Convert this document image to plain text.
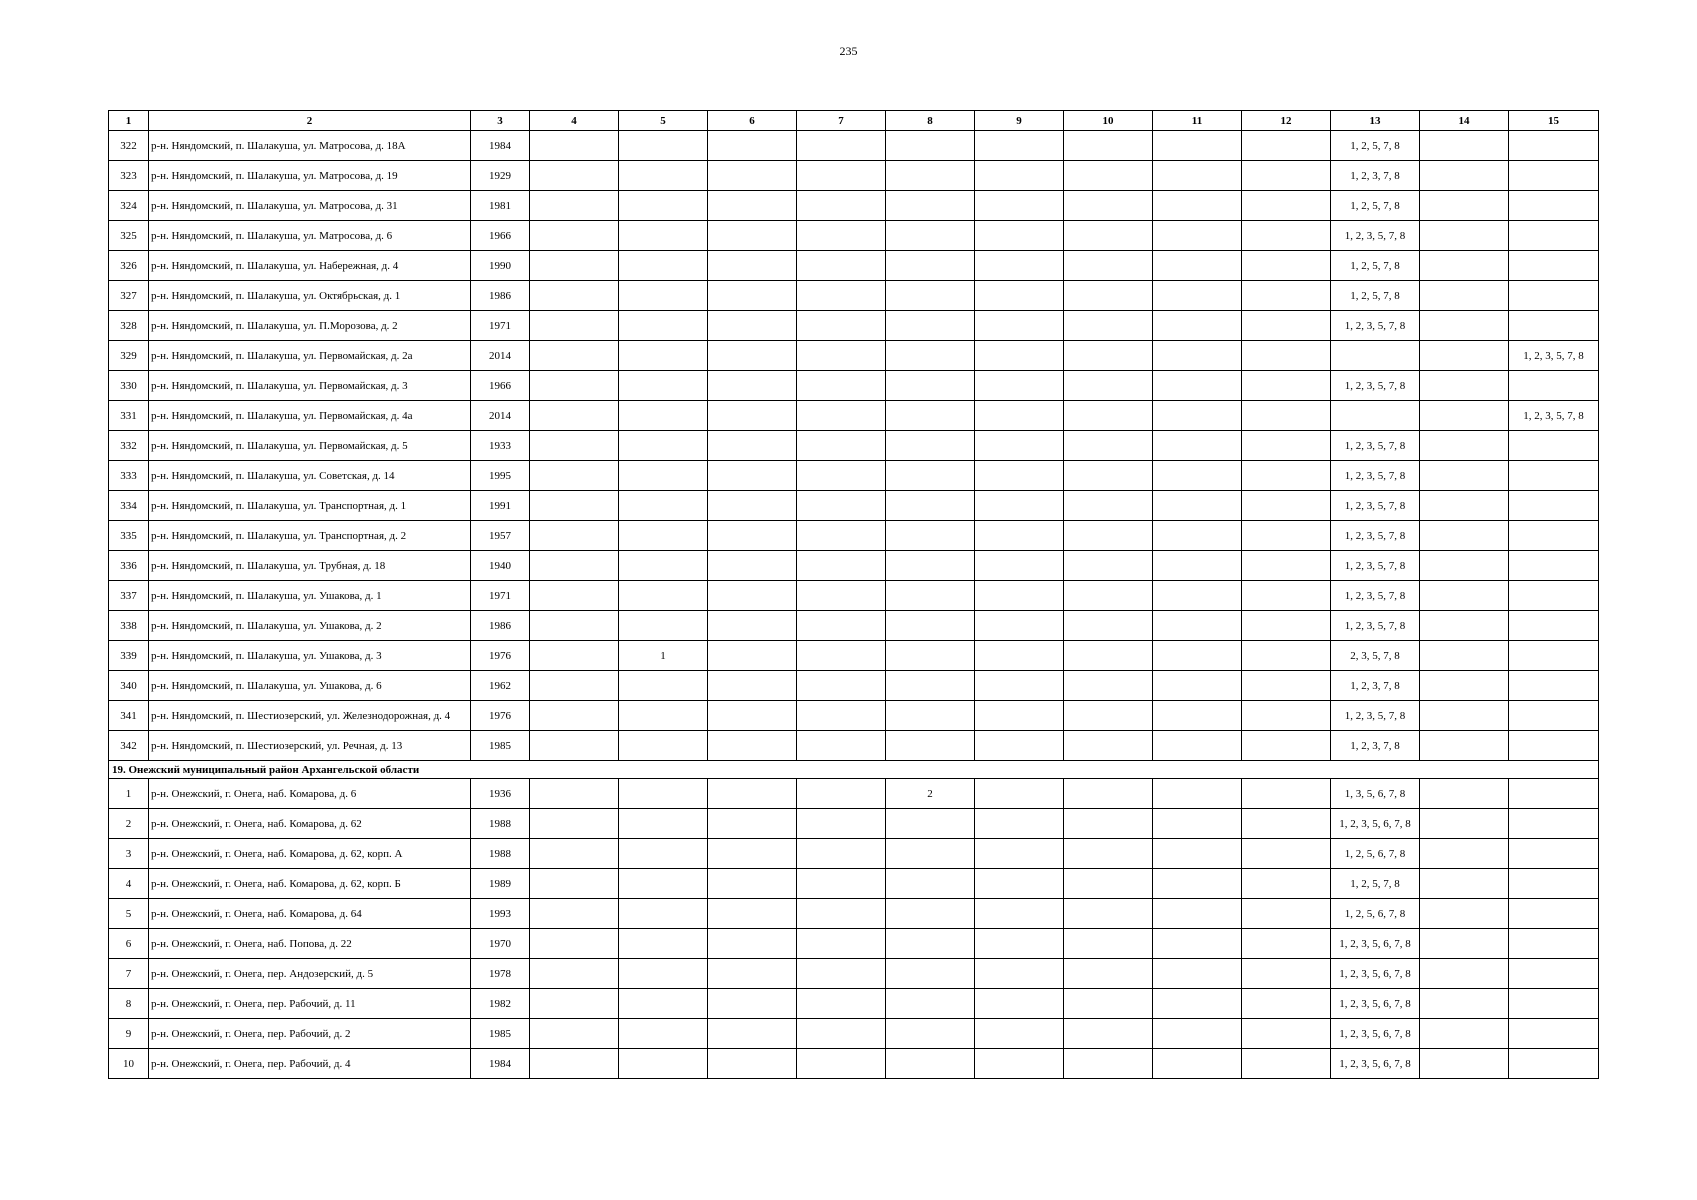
235
1	2	3	4	5	6	7	8	9	10	11	12	13	14	15
322	р-н. Няндомский, п. Шалакуша, ул. Матросова, д. 18А	1984										1, 2, 5, 7, 8		
323	р-н. Няндомский, п. Шалакуша, ул. Матросова, д. 19	1929										1, 2, 3, 7, 8		
324	р-н. Няндомский, п. Шалакуша, ул. Матросова, д. 31	1981										1, 2, 5, 7, 8		
325	р-н. Няндомский, п. Шалакуша, ул. Матросова, д. 6	1966										1, 2, 3, 5, 7, 8		
326	р-н. Няндомский, п. Шалакуша, ул. Набережная, д. 4	1990										1, 2, 5, 7, 8		
327	р-н. Няндомский, п. Шалакуша, ул. Октябрьская, д. 1	1986										1, 2, 5, 7, 8		
328	р-н. Няндомский, п. Шалакуша, ул. П.Морозова, д. 2	1971										1, 2, 3, 5, 7, 8		
329	р-н. Няндомский, п. Шалакуша, ул. Первомайская, д. 2а	2014												1, 2, 3, 5, 7, 8
330	р-н. Няндомский, п. Шалакуша, ул. Первомайская, д. 3	1966										1, 2, 3, 5, 7, 8		
331	р-н. Няндомский, п. Шалакуша, ул. Первомайская, д. 4а	2014												1, 2, 3, 5, 7, 8
332	р-н. Няндомский, п. Шалакуша, ул. Первомайская, д. 5	1933										1, 2, 3, 5, 7, 8		
333	р-н. Няндомский, п. Шалакуша, ул. Советская, д. 14	1995										1, 2, 3, 5, 7, 8		
334	р-н. Няндомский, п. Шалакуша, ул. Транспортная, д. 1	1991										1, 2, 3, 5, 7, 8		
335	р-н. Няндомский, п. Шалакуша, ул. Транспортная, д. 2	1957										1, 2, 3, 5, 7, 8		
336	р-н. Няндомский, п. Шалакуша, ул. Трубная, д. 18	1940										1, 2, 3, 5, 7, 8		
337	р-н. Няндомский, п. Шалакуша, ул. Ушакова, д. 1	1971										1, 2, 3, 5, 7, 8		
338	р-н. Няндомский, п. Шалакуша, ул. Ушакова, д. 2	1986										1, 2, 3, 5, 7, 8		
339	р-н. Няндомский, п. Шалакуша, ул. Ушакова, д. 3	1976		1								2, 3, 5, 7, 8		
340	р-н. Няндомский, п. Шалакуша, ул. Ушакова, д. 6	1962										1, 2, 3, 7, 8		
341	р-н. Няндомский, п. Шестиозерский, ул. Железнодорожная, д. 4	1976										1, 2, 3, 5, 7, 8		
342	р-н. Няндомский, п. Шестиозерский, ул. Речная, д. 13	1985										1, 2, 3, 7, 8		
19. Онежский муниципальный район Архангельской области														
1	р-н. Онежский, г. Онега, наб. Комарова, д. 6	1936					2					1, 3, 5, 6, 7, 8		
2	р-н. Онежский, г. Онега, наб. Комарова, д. 62	1988										1, 2, 3, 5, 6, 7, 8		
3	р-н. Онежский, г. Онега, наб. Комарова, д. 62, корп. А	1988										1, 2, 5, 6, 7, 8		
4	р-н. Онежский, г. Онега, наб. Комарова, д. 62, корп. Б	1989										1, 2, 5, 7, 8		
5	р-н. Онежский, г. Онега, наб. Комарова, д. 64	1993										1, 2, 5, 6, 7, 8		
6	р-н. Онежский, г. Онега, наб. Попова, д. 22	1970										1, 2, 3, 5, 6, 7, 8		
7	р-н. Онежский, г. Онега, пер. Андозерский, д. 5	1978										1, 2, 3, 5, 6, 7, 8		
8	р-н. Онежский, г. Онега, пер. Рабочий, д. 11	1982										1, 2, 3, 5, 6, 7, 8		
9	р-н. Онежский, г. Онега, пер. Рабочий, д. 2	1985										1, 2, 3, 5, 6, 7, 8		
10	р-н. Онежский, г. Онега, пер. Рабочий, д. 4	1984										1, 2, 3, 5, 6, 7, 8		
